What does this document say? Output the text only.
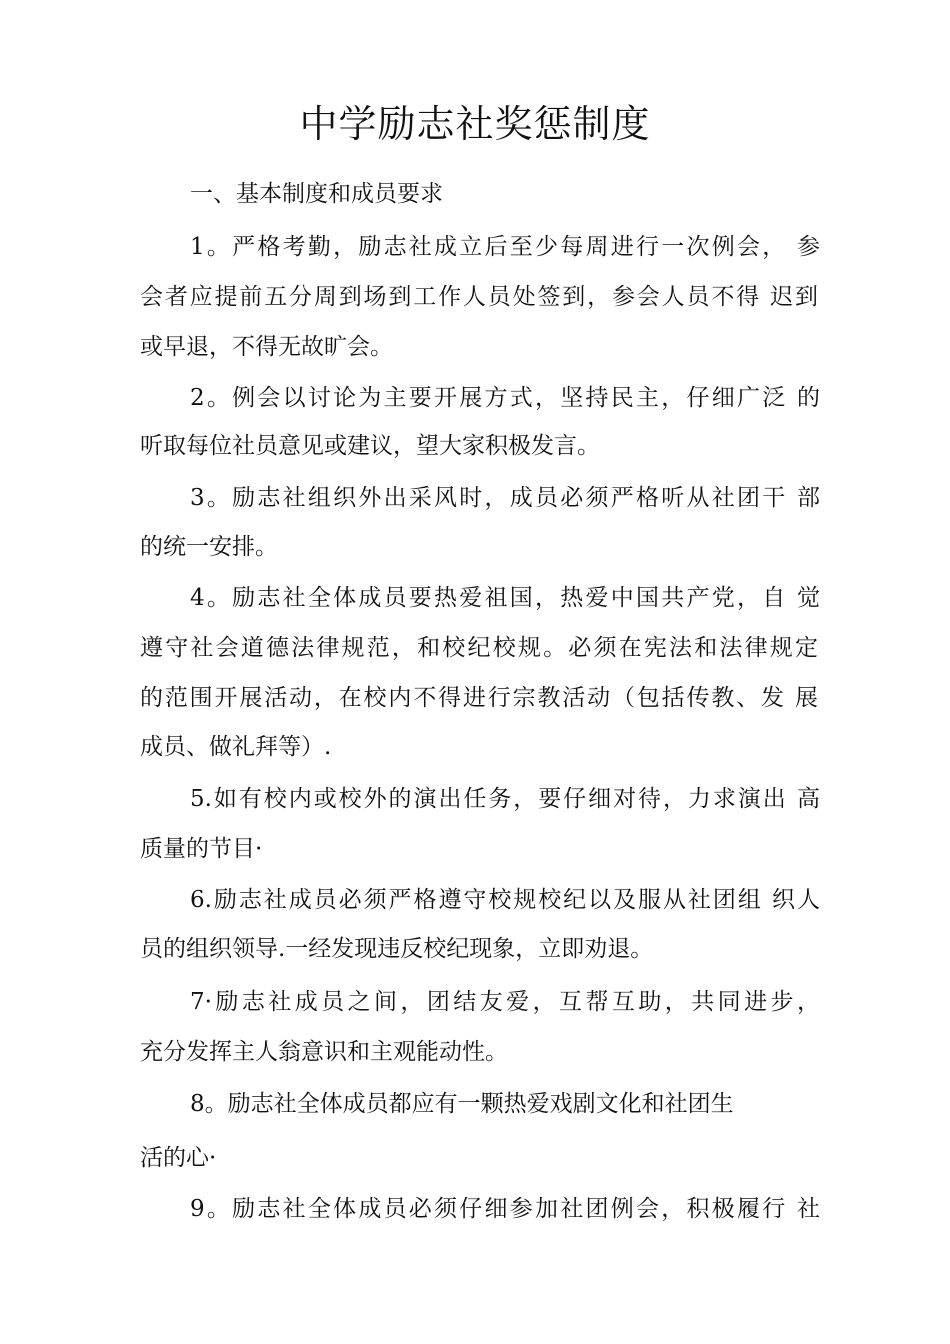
中学励志社奖惩制度

一、基本制度和成员要求

1。严格考勤，励志社成立后至少每周进行一次例会， 参

会者应提前五分周到场到工作人员处签到，参会人员不得 迟到

或早退，不得无故旷会。

2。例会以讨论为主要开展方式，坚持民主，仔细广泛 的

听取每位社员意见或建议，望大家积极发言。

3。励志社组织外出采风时，成员必须严格听从社团干 部

的统一安排。

4。励志社全体成员要热爱祖国，热爱中国共产党，自 觉

遵守社会道德法律规范，和校纪校规。必须在宪法和法律规定

的范围开展活动，在校内不得进行宗教活动（包括传教、发 展

成员、做礼拜等）.

5.如有校内或校外的演出任务，要仔细对待，力求演出 高

质量的节目·

6.励志社成员必须严格遵守校规校纪以及服从社团组 织人

员的组织领导.一经发现违反校纪现象，立即劝退。

7·励志社成员之间，团结友爱，互帮互助，共同进步，

充分发挥主人翁意识和主观能动性。

8。励志社全体成员都应有一颗热爱戏剧文化和社团生

活的心·

9。励志社全体成员必须仔细参加社团例会，积极履行 社
